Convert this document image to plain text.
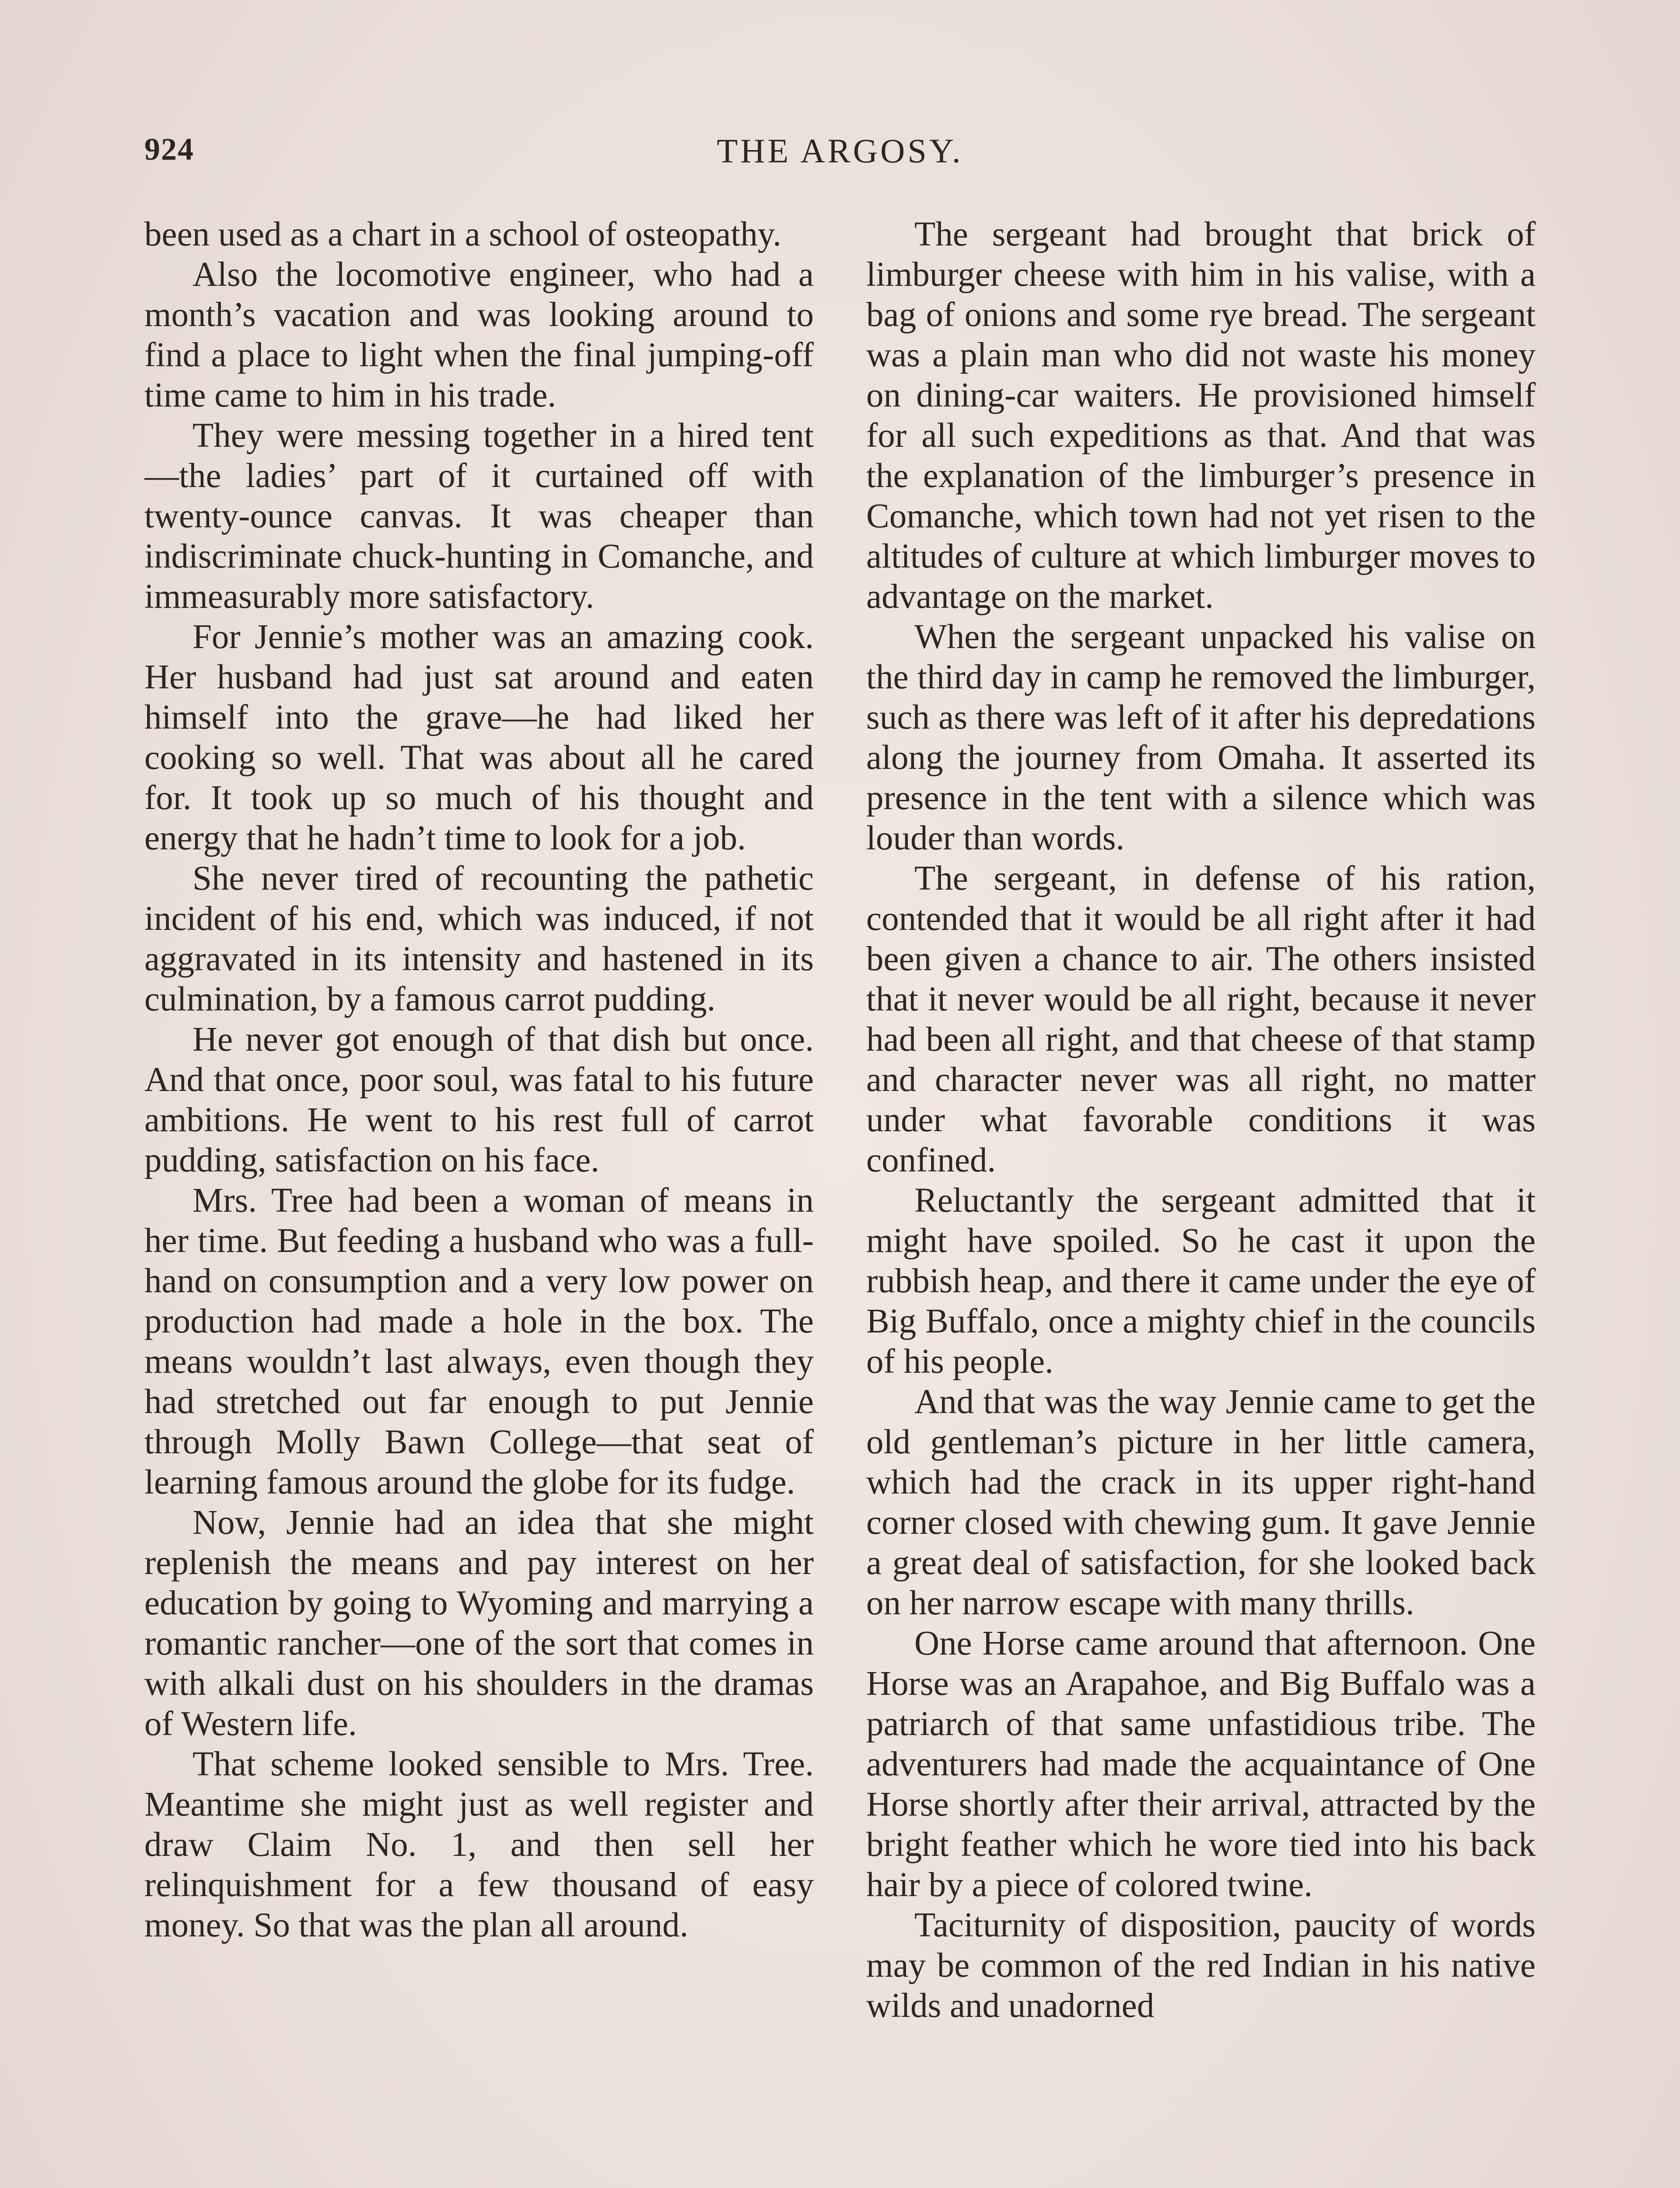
924	THE ARGOSY.

been used as a chart in a school of osteopathy.

Also the locomotive engineer, who had a month’s vacation and was looking around to find a place to light when the final jumping-off time came to him in his trade.

They were messing together in a hired tent—the ladies’ part of it curtained off with twenty-ounce canvas. It was cheaper than indiscriminate chuck-hunting in Comanche, and immeasurably more satisfactory.

For Jennie’s mother was an amazing cook. Her husband had just sat around and eaten himself into the grave—he had liked her cooking so well. That was about all he cared for. It took up so much of his thought and energy that he hadn’t time to look for a job.

She never tired of recounting the pathetic incident of his end, which was induced, if not aggravated in its intensity and hastened in its culmination, by a famous carrot pudding.

He never got enough of that dish but once. And that once, poor soul, was fatal to his future ambitions. He went to his rest full of carrot pudding, satisfaction on his face.

Mrs. Tree had been a woman of means in her time. But feeding a husband who was a full-hand on consumption and a very low power on production had made a hole in the box. The means wouldn’t last always, even though they had stretched out far enough to put Jennie through Molly Bawn College—that seat of learning famous around the globe for its fudge.

Now, Jennie had an idea that she might replenish the means and pay interest on her education by going to Wyoming and marrying a romantic rancher—one of the sort that comes in with alkali dust on his shoulders in the dramas of Western life.

That scheme looked sensible to Mrs. Tree. Meantime she might just as well register and draw Claim No. 1, and then sell her relinquishment for a few thousand of easy money. So that was the plan all around.

The sergeant had brought that brick of limburger cheese with him in his valise, with a bag of onions and some rye bread. The sergeant was a plain man who did not waste his money on dining-car waiters. He provisioned himself for all such expeditions as that. And that was the explanation of the limburger’s presence in Comanche, which town had not yet risen to the altitudes of culture at which limburger moves to advantage on the market.

When the sergeant unpacked his valise on the third day in camp he removed the limburger, such as there was left of it after his depredations along the journey from Omaha. It asserted its presence in the tent with a silence which was louder than words.

The sergeant, in defense of his ration, contended that it would be all right after it had been given a chance to air. The others insisted that it never would be all right, because it never had been all right, and that cheese of that stamp and character never was all right, no matter under what favorable conditions it was confined.

Reluctantly the sergeant admitted that it might have spoiled. So he cast it upon the rubbish heap, and there it came under the eye of Big Buffalo, once a mighty chief in the councils of his people.

And that was the way Jennie came to get the old gentleman’s picture in her little camera, which had the crack in its upper right-hand corner closed with chewing gum. It gave Jennie a great deal of satisfaction, for she looked back on her narrow escape with many thrills.

One Horse came around that afternoon. One Horse was an Arapahoe, and Big Buffalo was a patriarch of that same unfastidious tribe. The adventurers had made the acquaintance of One Horse shortly after their arrival, attracted by the bright feather which he wore tied into his back hair by a piece of colored twine.

Taciturnity of disposition, paucity of words may be common of the red Indian in his native wilds and unadorned
